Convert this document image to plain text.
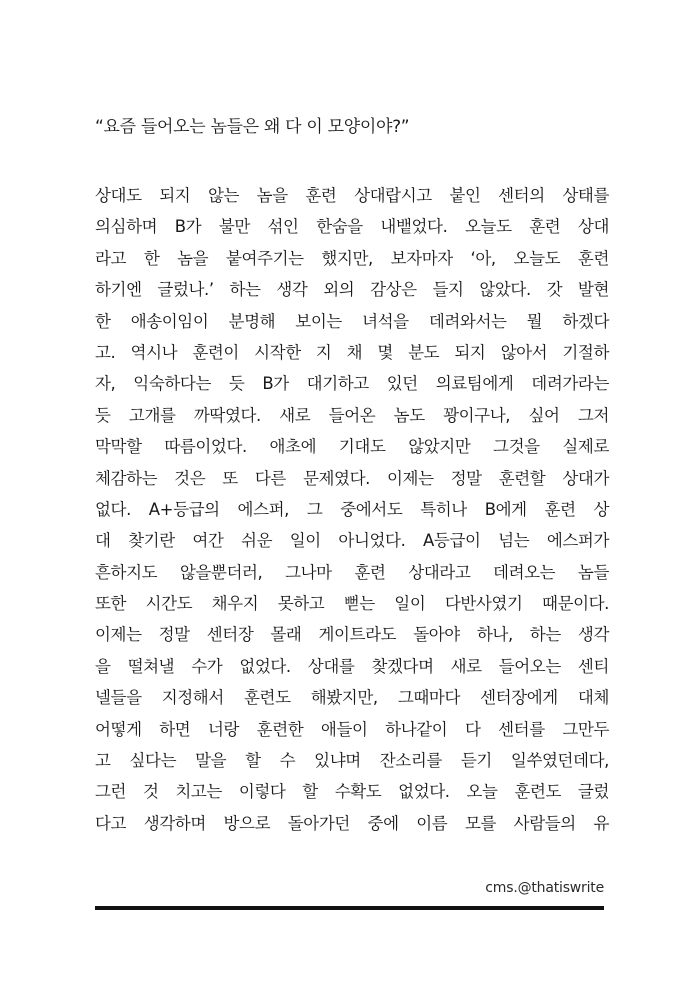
“요즘 들어오는 놈들은 왜 다 이 모양이야?”
상대도 되지 않는 놈을 훈련 상대랍시고 붙인 센터의 상태를
의심하며 B가 불만 섞인 한숨을 내뱉었다. 오늘도 훈련 상대
라고 한 놈을 붙여주기는 했지만, 보자마자 ‘아, 오늘도 훈련
하기엔 글렀나.’ 하는 생각 외의 감상은 들지 않았다. 갓 발현
한 애송이임이 분명해 보이는 녀석을 데려와서는 뭘 하겠다
고. 역시나 훈련이 시작한 지 채 몇 분도 되지 않아서 기절하
자, 익숙하다는 듯 B가 대기하고 있던 의료팀에게 데려가라는
듯 고개를 까딱였다. 새로 들어온 놈도 꽝이구나, 싶어 그저
막막할 따름이었다. 애초에 기대도 않았지만 그것을 실제로
체감하는 것은 또 다른 문제였다. 이제는 정말 훈련할 상대가
없다. A+등급의 에스퍼, 그 중에서도 특히나 B에게 훈련 상
대 찾기란 여간 쉬운 일이 아니었다. A등급이 넘는 에스퍼가
흔하지도 않을뿐더러, 그나마 훈련 상대라고 데려오는 놈들
또한 시간도 채우지 못하고 뻗는 일이 다반사였기 때문이다.
이제는 정말 센터장 몰래 게이트라도 돌아야 하나, 하는 생각
을 떨쳐낼 수가 없었다. 상대를 찾겠다며 새로 들어오는 센티
넬들을 지정해서 훈련도 해봤지만, 그때마다 센터장에게 대체
어떻게 하면 너랑 훈련한 애들이 하나같이 다 센터를 그만두
고 싶다는 말을 할 수 있냐며 잔소리를 듣기 일쑤였던데다,
그런 것 치고는 이렇다 할 수확도 없었다. 오늘 훈련도 글렀
다고 생각하며 방으로 돌아가던 중에 이름 모를 사람들의 유
cms.@thatiswrite
